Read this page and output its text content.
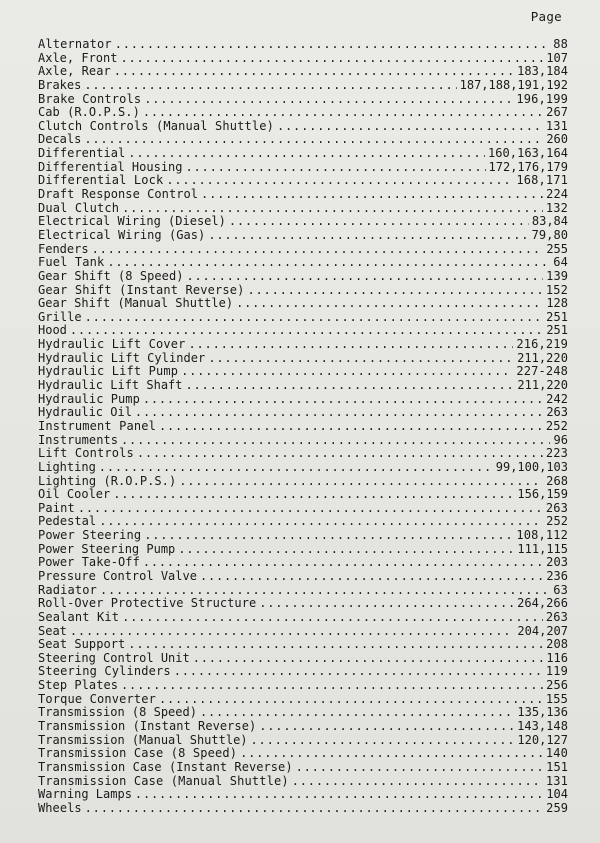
Page
Alternator .....	88
Axle, Front .....	107
Axle, Rear .....	183,184
Brakes .....	187,188,191,192
Brake Controls .....	196,199
Cab (R.O.P.S.) .....	267
Clutch Controls (Manual Shuttle) .....	131
Decals .....	260
Differential .....	160,163,164
Differential Housing .....	172,176,179
Differential Lock .....	168,171
Draft Response Control .....	224
Dual Clutch .....	132
Electrical Wiring (Diesel) .....	83,84
Electrical Wiring (Gas) .....	79,80
Fenders .....	255
Fuel Tank .....	64
Gear Shift (8 Speed) .....	139
Gear Shift (Instant Reverse) .....	152
Gear Shift (Manual Shuttle) .....	128
Grille .....	251
Hood .....	251
Hydraulic Lift Cover .....	216,219
Hydraulic Lift Cylinder .....	211,220
Hydraulic Lift Pump .....	227-248
Hydraulic Lift Shaft .....	211,220
Hydraulic Pump .....	242
Hydraulic Oil .....	263
Instrument Panel .....	252
Instruments .....	96
Lift Controls .....	223
Lighting .....	99,100,103
Lighting (R.O.P.S.) .....	268
Oil Cooler .....	156,159
Paint .....	263
Pedestal .....	252
Power Steering .....	108,112
Power Steering Pump .....	111,115
Power Take-Off .....	203
Pressure Control Valve .....	236
Radiator .....	63
Roll-Over Protective Structure .....	264,266
Sealant Kit .....	263
Seat .....	204,207
Seat Support .....	208
Steering Control Unit .....	116
Steering Cylinders .....	119
Step Plates .....	256
Torque Converter .....	155
Transmission (8 Speed) .....	135,136
Transmission (Instant Reverse) .....	143,148
Transmission (Manual Shuttle) .....	120,127
Transmission Case (8 Speed) .....	140
Transmission Case (Instant Reverse) .....	151
Transmission Case (Manual Shuttle) .....	131
Warning Lamps .....	104
Wheels .....	259
